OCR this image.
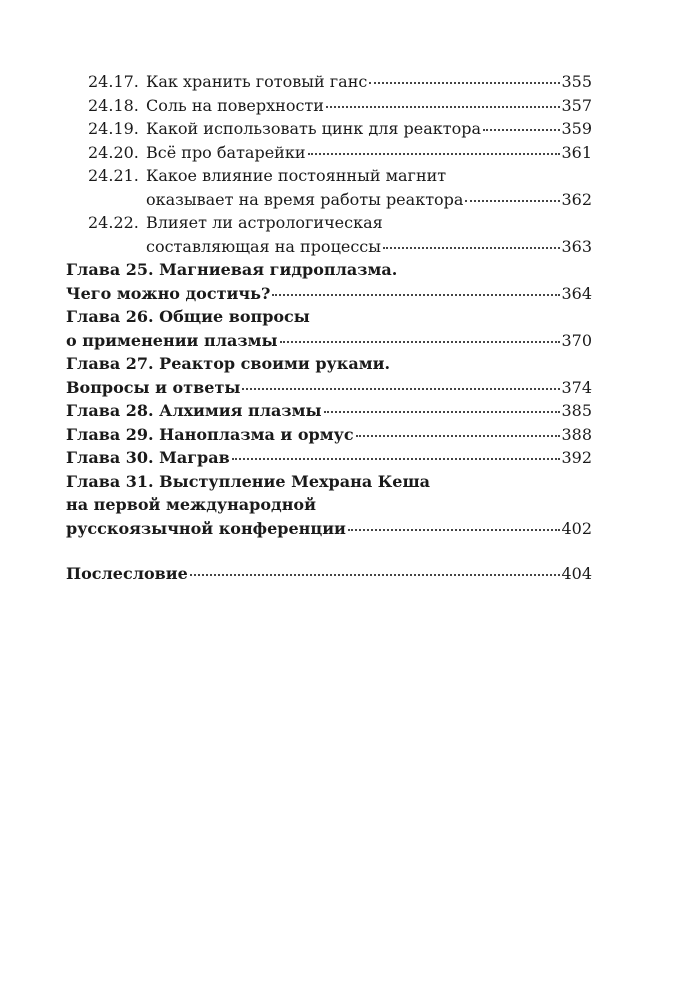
24.17. Как хранить готовый ганс	355
24.18. Соль на поверхности	357
24.19. Какой использовать цинк для реактора	359
24.20. Всё про батарейки	361
24.21. Какое влияние постоянный магнит
оказывает на время работы реактора	362
24.22. Влияет ли астрологическая
составляющая на процессы	363
Глава 25. Магниевая гидроплазма.
Чего можно достичь?	364
Глава 26. Общие вопросы
о применении плазмы	370
Глава 27. Реактор своими руками.
Вопросы и ответы	374
Глава 28. Алхимия плазмы	385
Глава 29. Наноплазма и ормус	388
Глава 30. Маграв	392
Глава 31. Выступление Мехрана Кеша
на первой международной
русскоязычной конференции	402
Послесловие	404
